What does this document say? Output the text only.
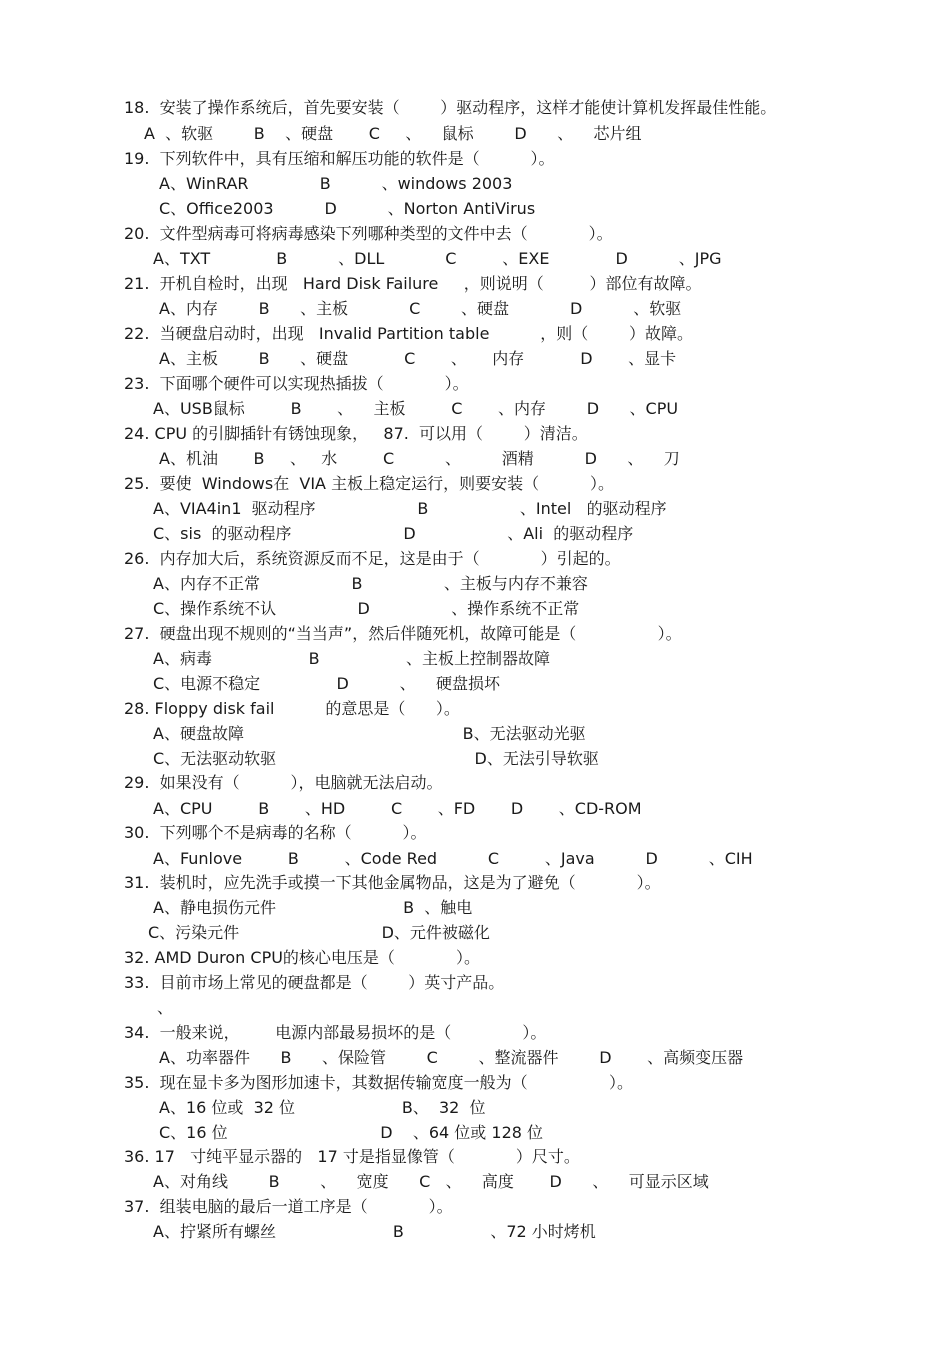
18.  安装了操作系统后，首先要安装（        ）驱动程序，这样才能使计算机发挥最佳性能。
A  、软驱        B    、硬盘       C     、    鼠标        D      、    芯片组
19.  下列软件中，具有压缩和解压功能的软件是（          ）。
A、WinRAR              B          、windows 2003
C、Office2003          D          、Norton AntiVirus
20.  文件型病毒可将病毒感染下列哪种类型的文件中去（            ）。
A、TXT             B          、DLL            C         、EXE             D          、JPG
21.  开机自检时，出现   Hard Disk Failure     ，则说明（         ）部位有故障。
A、内存        B      、主板            C        、硬盘            D          、软驱
22.  当硬盘启动时，出现   Invalid Partition table          ，则（        ）故障。
A、主板        B      、硬盘           C       、     内存           D       、显卡
23.  下面哪个硬件可以实现热插拔（            ）。
A、USB鼠标         B       、    主板         C       、内存        D      、CPU
24. CPU 的引脚插针有锈蚀现象，   87.  可以用（        ）清洁。
A、机油       B     、   水         C          、        酒精          D      、    刀
25.  要使  Windows在  VIA 主板上稳定运行，则要安装（          ）。
A、VIA4in1  驱动程序                    B                  、Intel   的驱动程序
C、sis  的驱动程序                      D                  、Ali  的驱动程序
26.  内存加大后，系统资源反而不足，这是由于（            ）引起的。
A、内存不正常                  B                、主板与内存不兼容
C、操作系统不认                D                、操作系统不正常
27.  硬盘出现不规则的“当当声”，然后伴随死机，故障可能是（                ）。
A、病毒                   B                 、主板上控制器故障
C、电源不稳定               D          、    硬盘损坏
28. Floppy disk fail          的意思是（      ）。
A、硬盘故障                                           B、无法驱动光驱
C、无法驱动软驱                                       D、无法引导软驱
29.  如果没有（          ），电脑就无法启动。
A、CPU         B       、HD         C       、FD       D       、CD-ROM
30.  下列哪个不是病毒的名称（          ）。
A、Funlove         B         、Code Red          C         、Java          D          、CIH
31.  装机时，应先洗手或摸一下其他金属物品，这是为了避免（            ）。
A、静电损伤元件                         B  、触电
C、污染元件                            D、元件被磁化
32. AMD Duron CPU的核心电压是（            ）。
33.  目前市场上常见的硬盘都是（        ）英寸产品。
、
34.  一般来说，       电源内部最易损坏的是（              ）。
A、功率器件      B      、保险管        C        、整流器件        D       、高频变压器
35.  现在显卡多为图形加速卡，其数据传输宽度一般为（                ）。
A、16 位或  32 位                     B、  32  位
C、16 位                              D    、64 位或 128 位
36. 17   寸纯平显示器的   17 寸是指显像管（            ）尺寸。
A、对角线        B        、    宽度      C   、    高度       D      、    可显示区域
37.  组装电脑的最后一道工序是（            ）。
A、拧紧所有螺丝                       B                 、72 小时烤机
